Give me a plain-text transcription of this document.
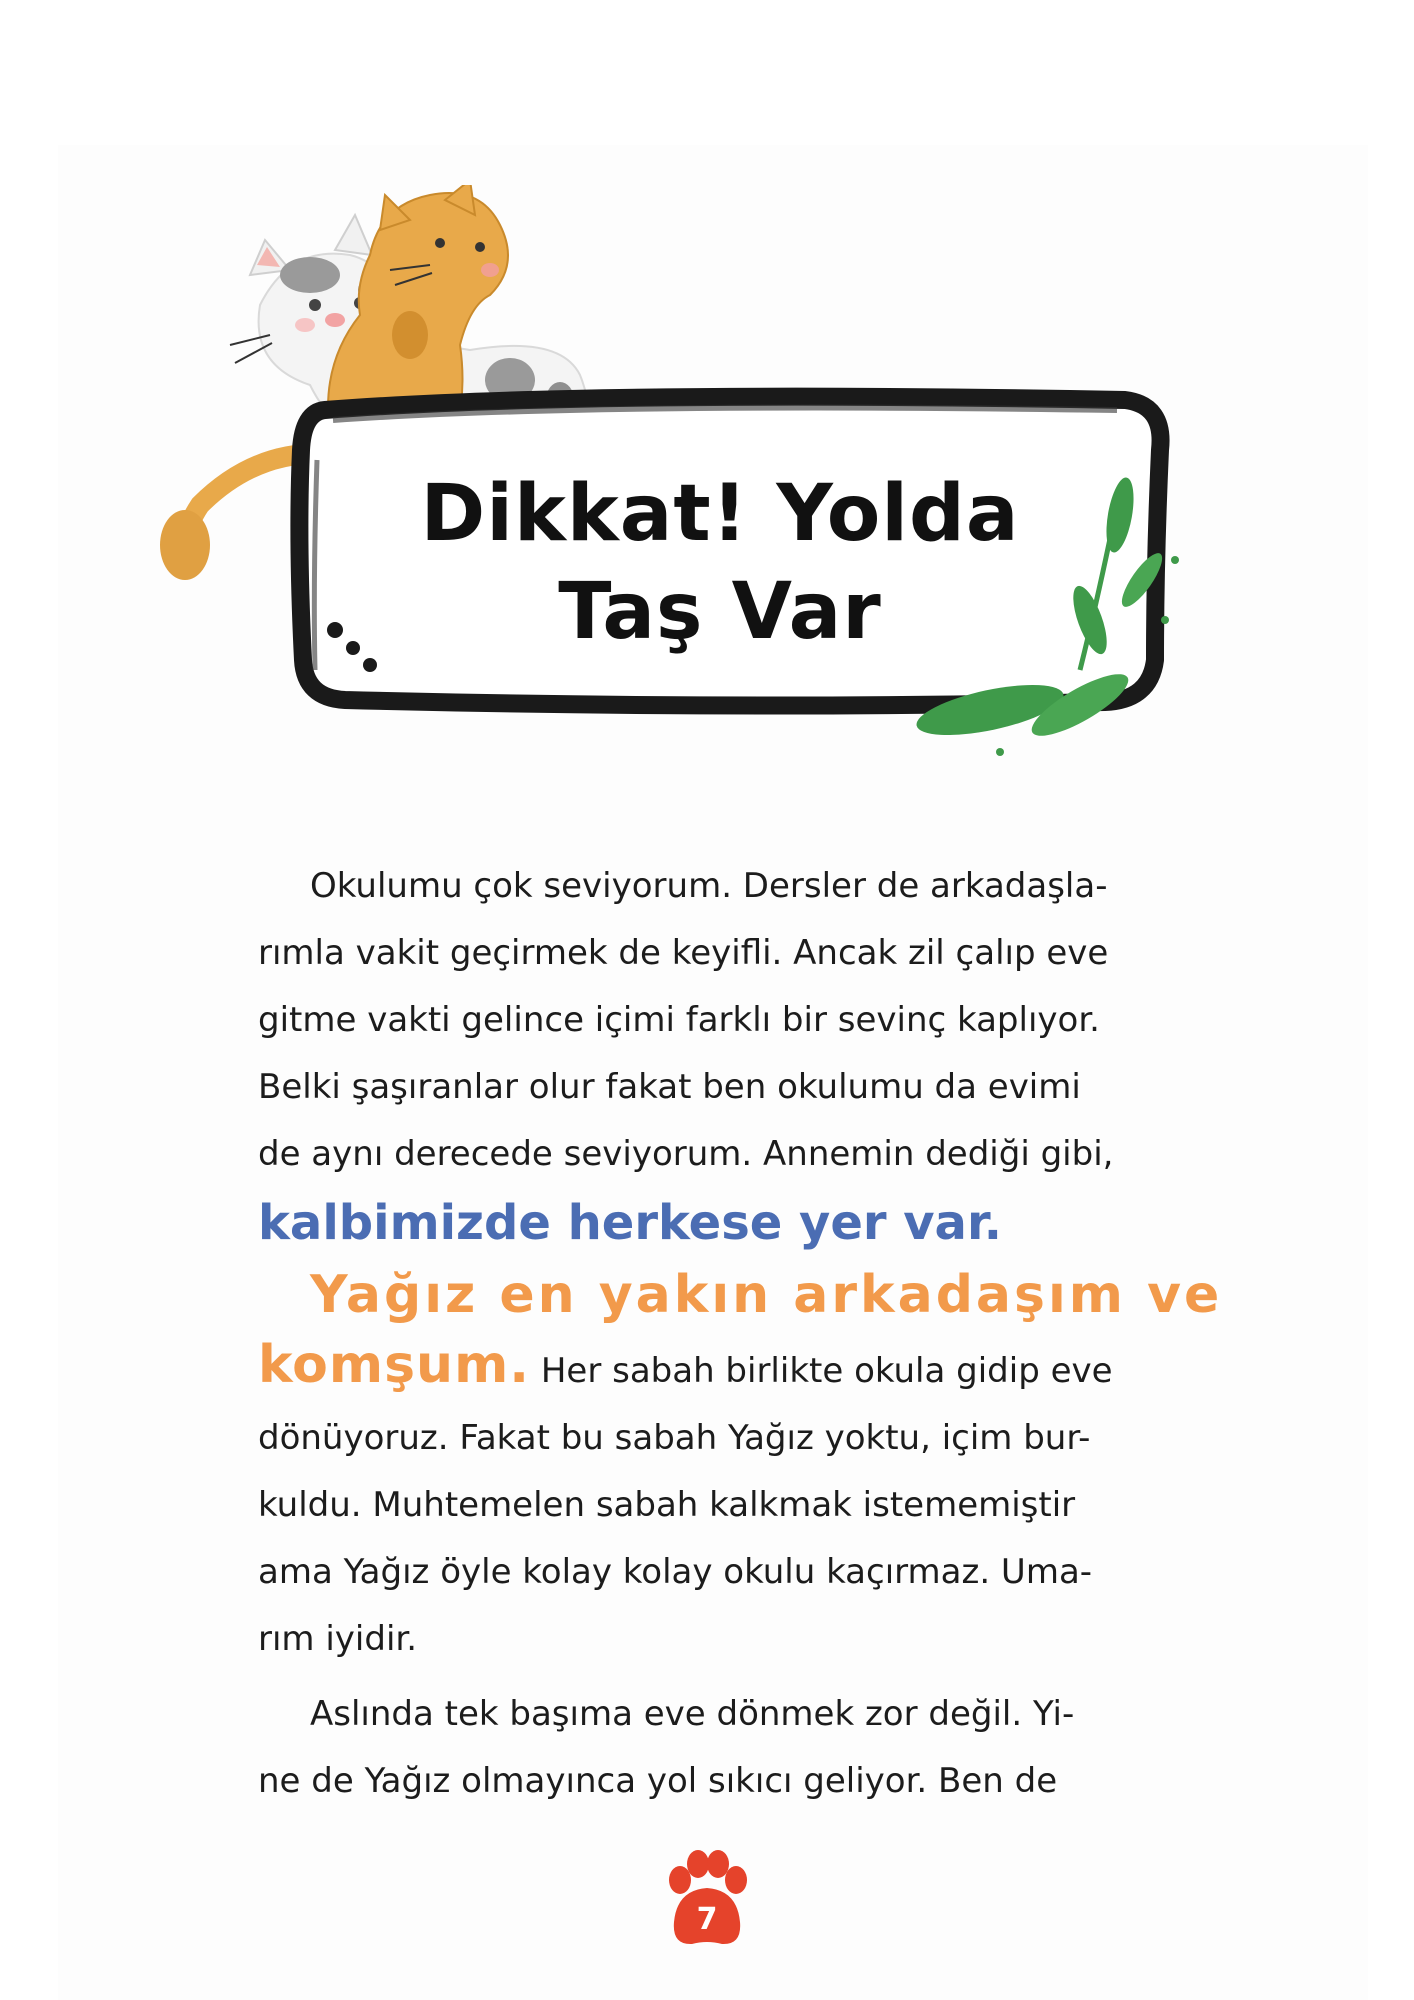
Dikkat! Yolda
Taş Var
Okulumu çok seviyorum. Dersler de arkadaşla-
rımla vakit geçirmek de keyifli. Ancak zil çalıp eve
gitme vakti gelince içimi farklı bir sevinç kaplıyor.
Belki şaşıranlar olur fakat ben okulumu da evimi
de aynı derecede seviyorum. Annemin dediği gibi,
kalbimizde herkese yer var.
Yağız en yakın arkadaşım ve
komşum. Her sabah birlikte okula gidip eve
dönüyoruz. Fakat bu sabah Yağız yoktu, içim bur-
kuldu. Muhtemelen sabah kalkmak istememiştir
ama Yağız öyle kolay kolay okulu kaçırmaz. Uma-
rım iyidir.
Aslında tek başıma eve dönmek zor değil. Yi-
ne de Yağız olmayınca yol sıkıcı geliyor. Ben de
7
